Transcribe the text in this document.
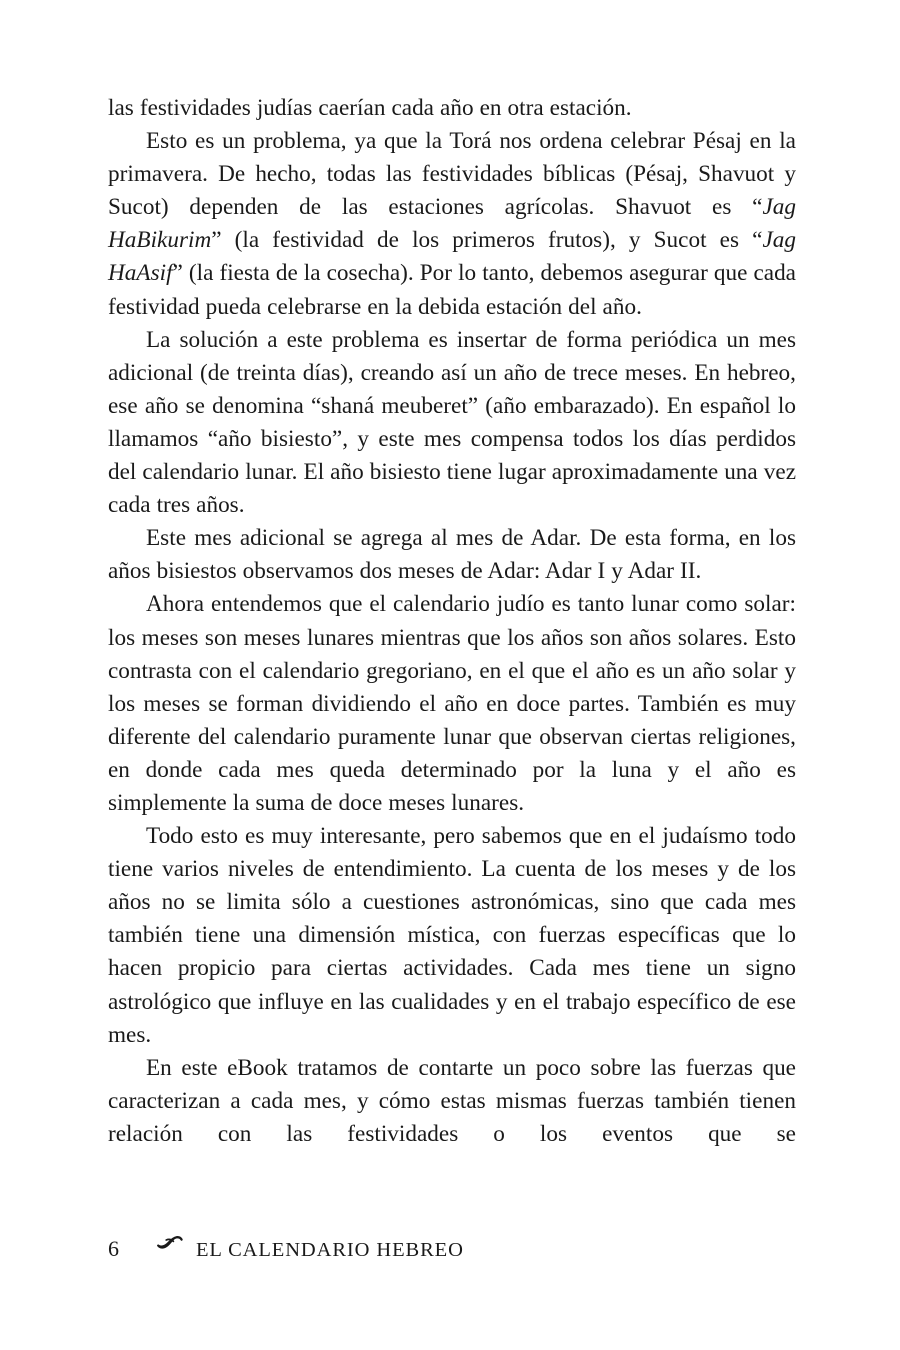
las festividades judías caerían cada año en otra estación.

Esto es un problema, ya que la Torá nos ordena celebrar Pésaj en la primavera. De hecho, todas las festividades bíblicas (Pésaj, Shavuot y Sucot) dependen de las estaciones agrícolas. Shavuot es “Jag HaBikurim” (la festividad de los primeros frutos), y Sucot es “Jag HaAsif” (la fiesta de la cosecha). Por lo tanto, debemos asegurar que cada festividad pueda celebrarse en la debida estación del año.

La solución a este problema es insertar de forma periódica un mes adicional (de treinta días), creando así un año de trece meses. En hebreo, ese año se denomina “shaná meuberet” (año embarazado). En español lo llamamos “año bisiesto”, y este mes compensa todos los días perdidos del calendario lunar. El año bisiesto tiene lugar aproximadamente una vez cada tres años.

Este mes adicional se agrega al mes de Adar. De esta forma, en los años bisiestos observamos dos meses de Adar: Adar I y Adar II.

Ahora entendemos que el calendario judío es tanto lunar como solar: los meses son meses lunares mientras que los años son años solares. Esto contrasta con el calendario gregoriano, en el que el año es un año solar y los meses se forman dividiendo el año en doce partes. También es muy diferente del calendario puramente lunar que observan ciertas religiones, en donde cada mes queda determinado por la luna y el año es simplemente la suma de doce meses lunares.

Todo esto es muy interesante, pero sabemos que en el judaísmo todo tiene varios niveles de entendimiento. La cuenta de los meses y de los años no se limita sólo a cuestiones astronómicas, sino que cada mes también tiene una dimensión mística, con fuerzas específicas que lo hacen propicio para ciertas actividades. Cada mes tiene un signo astrológico que influye en las cualidades y en el trabajo específico de ese mes.

En este eBook tratamos de contarte un poco sobre las fuerzas que caracterizan a cada mes, y cómo estas mismas fuerzas también tienen relación con las festividades o los eventos que se

6	EL CALENDARIO HEBREO
